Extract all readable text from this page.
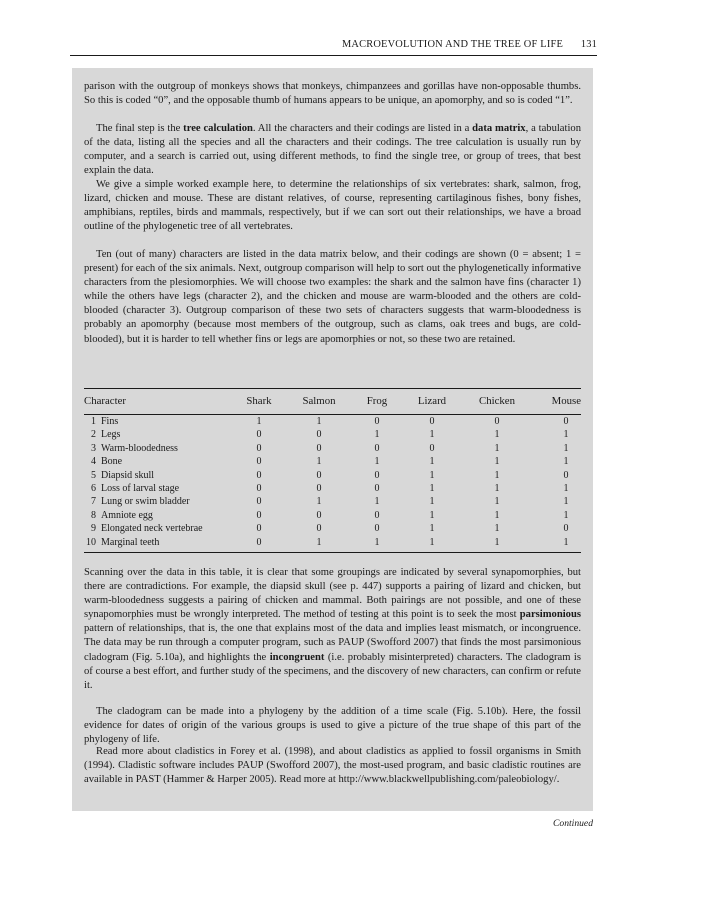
MACROEVOLUTION AND THE TREE OF LIFE 131

parison with the outgroup of monkeys shows that monkeys, chimpanzees and gorillas have non-opposable thumbs. So this is coded “0”, and the opposable thumb of humans appears to be unique, an apomorphy, and so is coded “1”.

The final step is the tree calculation. All the characters and their codings are listed in a data matrix, a tabulation of the data, listing all the species and all the characters and their codings. The tree calculation is usually run by computer, and a search is carried out, using different methods, to find the single tree, or group of trees, that best explain the data.

We give a simple worked example here, to determine the relationships of six vertebrates: shark, salmon, frog, lizard, chicken and mouse. These are distant relatives, of course, representing cartilaginous fishes, bony fishes, amphibians, reptiles, birds and mammals, respectively, but if we can sort out their relationships, we have a broad outline of the phylogenetic tree of all vertebrates.

Ten (out of many) characters are listed in the data matrix below, and their codings are shown (0 = absent; 1 = present) for each of the six animals. Next, outgroup comparison will help to sort out the phylogenetically informative characters from the plesiomorphies. We will choose two examples: the shark and the salmon have fins (character 1) while the others have legs (character 2), and the chicken and mouse are warm-blooded and the others are cold-blooded (character 3). Outgroup comparison of these two sets of characters suggests that warm-bloodedness is probably an apomorphy (because most members of the outgroup, such as clams, oak trees and bugs, are cold-blooded), but it is harder to tell whether fins or legs are apomorphies or not, so these two are retained.

Character	Shark	Salmon	Frog	Lizard	Chicken	Mouse
1 Fins	1	1	0	0	0	0
2 Legs	0	0	1	1	1	1
3 Warm-bloodedness	0	0	0	0	1	1
4 Bone	0	1	1	1	1	1
5 Diapsid skull	0	0	0	1	1	0
6 Loss of larval stage	0	0	0	1	1	1
7 Lung or swim bladder	0	1	1	1	1	1
8 Amniote egg	0	0	0	1	1	1
9 Elongated neck vertebrae	0	0	0	1	1	0
10 Marginal teeth	0	1	1	1	1	1

Scanning over the data in this table, it is clear that some groupings are indicated by several synapomorphies, but there are contradictions. For example, the diapsid skull (see p. 447) supports a pairing of lizard and chicken, but warm-bloodedness suggests a pairing of chicken and mammal. Both pairings are not possible, and one of these synapomorphies must be wrongly interpreted. The method of testing at this point is to seek the most parsimonious pattern of relationships, that is, the one that explains most of the data and implies least mismatch, or incongruence. The data may be run through a computer program, such as PAUP (Swofford 2007) that finds the most parsimonious cladogram (Fig. 5.10a), and highlights the incongruent (i.e. probably misinterpreted) characters. The cladogram is of course a best effort, and further study of the specimens, and the discovery of new characters, can confirm or refute it.

The cladogram can be made into a phylogeny by the addition of a time scale (Fig. 5.10b). Here, the fossil evidence for dates of origin of the various groups is used to give a picture of the true shape of this part of the phylogeny of life.

Read more about cladistics in Forey et al. (1998), and about cladistics as applied to fossil organisms in Smith (1994). Cladistic software includes PAUP (Swofford 2007), the most-used program, and basic cladistic routines are available in PAST (Hammer & Harper 2005). Read more at http://www.blackwellpublishing.com/paleobiology/.

Continued
